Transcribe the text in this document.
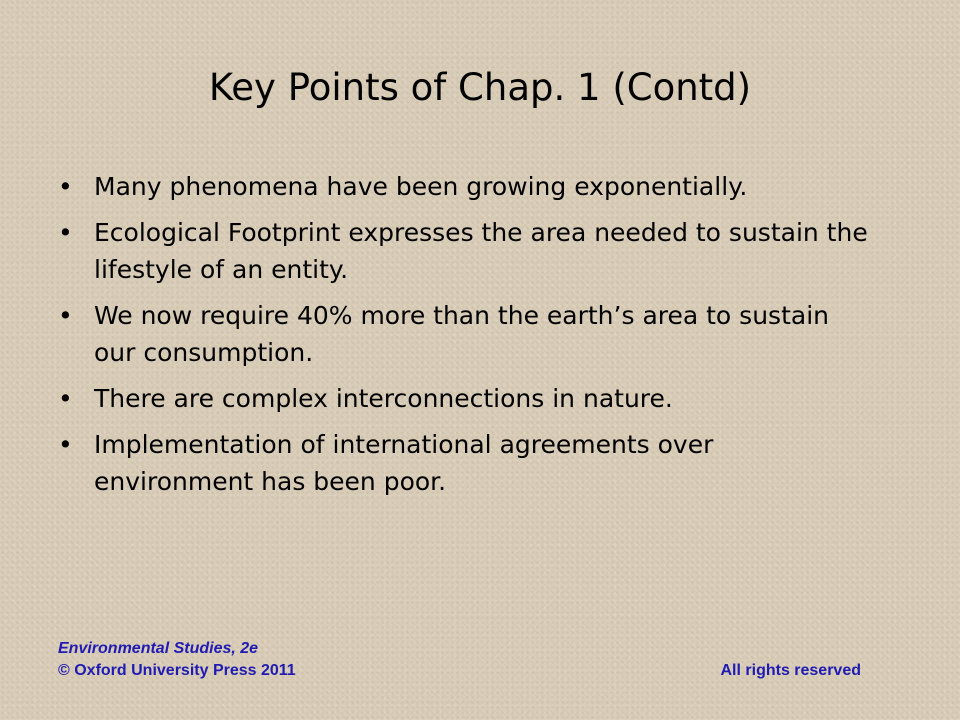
Key Points of Chap. 1 (Contd)
• Many phenomena have been growing exponentially.
• Ecological Footprint expresses the area needed to sustain the lifestyle of an entity.
• We now require 40% more than the earth’s area to sustain our consumption.
• There are complex interconnections in nature.
• Implementation of international agreements over environment has been poor.
Environmental Studies, 2e
© Oxford University Press 2011	All rights reserved
